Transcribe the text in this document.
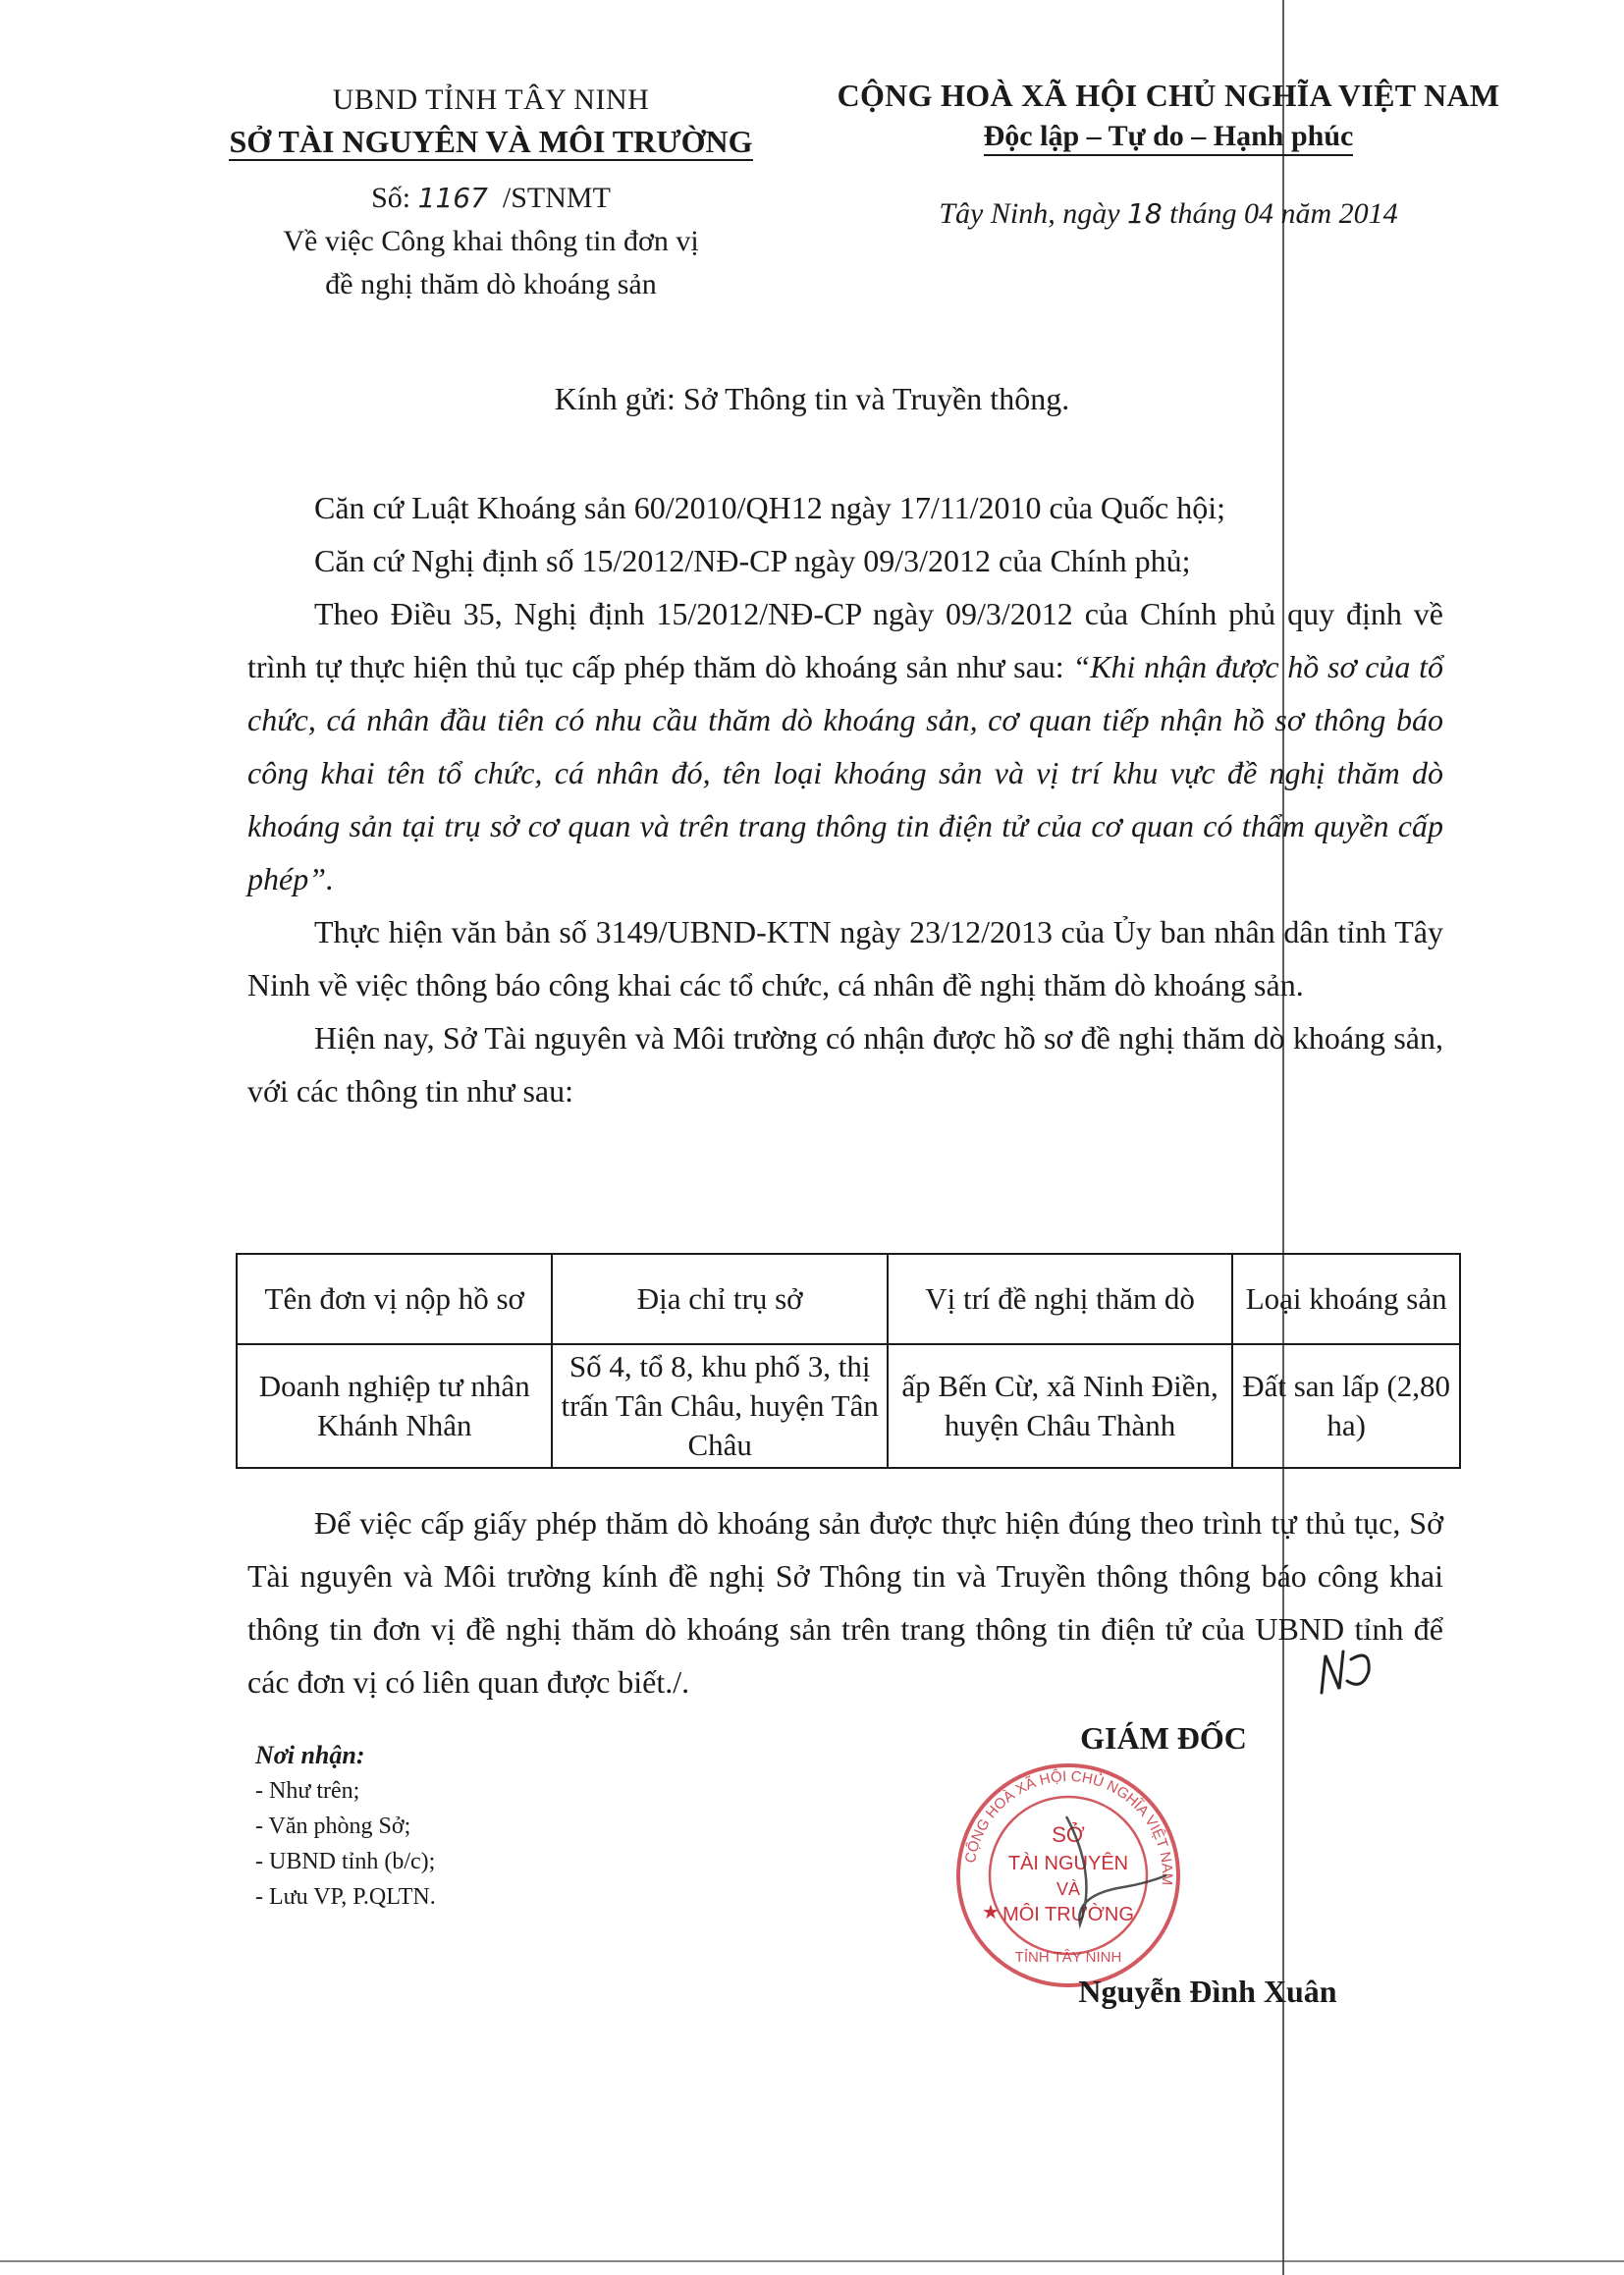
UBND TỈNH TÂY NINH
SỞ TÀI NGUYÊN VÀ MÔI TRƯỜNG
Số: 1167 /STNMT
Về việc Công khai thông tin đơn vị
đề nghị thăm dò khoáng sản
CỘNG HOÀ XÃ HỘI CHỦ NGHĨA VIỆT NAM
Độc lập – Tự do – Hạnh phúc
Tây Ninh, ngày 18 tháng 04 năm 2014
Kính gửi: Sở Thông tin và Truyền thông.

Căn cứ Luật Khoáng sản 60/2010/QH12 ngày 17/11/2010 của Quốc hội;

Căn cứ Nghị định số 15/2012/NĐ-CP ngày 09/3/2012 của Chính phủ;

Theo Điều 35, Nghị định 15/2012/NĐ-CP ngày 09/3/2012 của Chính phủ quy định về trình tự thực hiện thủ tục cấp phép thăm dò khoáng sản như sau: “Khi nhận được hồ sơ của tổ chức, cá nhân đầu tiên có nhu cầu thăm dò khoáng sản, cơ quan tiếp nhận hồ sơ thông báo công khai tên tổ chức, cá nhân đó, tên loại khoáng sản và vị trí khu vực đề nghị thăm dò khoáng sản tại trụ sở cơ quan và trên trang thông tin điện tử của cơ quan có thẩm quyền cấp phép”.

Thực hiện văn bản số 3149/UBND-KTN ngày 23/12/2013 của Ủy ban nhân dân tỉnh Tây Ninh về việc thông báo công khai các tổ chức, cá nhân đề nghị thăm dò khoáng sản.

Hiện nay, Sở Tài nguyên và Môi trường có nhận được hồ sơ đề nghị thăm dò khoáng sản, với các thông tin như sau:

Tên đơn vị nộp hồ sơ	Địa chỉ trụ sở	Vị trí đề nghị thăm dò	Loại khoáng sản
Doanh nghiệp tư nhân Khánh Nhân	Số 4, tổ 8, khu phố 3, thị trấn Tân Châu, huyện Tân Châu	ấp Bến Cừ, xã Ninh Điền, huyện Châu Thành	Đất san lấp (2,80 ha)

Để việc cấp giấy phép thăm dò khoáng sản được thực hiện đúng theo trình tự thủ tục, Sở Tài nguyên và Môi trường kính đề nghị Sở Thông tin và Truyền thông thông báo công khai thông tin đơn vị đề nghị thăm dò khoáng sản trên trang thông tin điện tử của UBND tỉnh để các đơn vị có liên quan được biết./.

Nơi nhận:
- Như trên;
- Văn phòng Sở;
- UBND tỉnh (b/c);
- Lưu VP, P.QLTN.
GIÁM ĐỐC
CỘNG HOÀ XÃ HỘI CHỦ NGHĨA VIỆT NAM
SỞ
TÀI NGUYÊN
VÀ
MÔI TRƯỜNG
TỈNH TÂY NINH
★
Nguyễn Đình Xuân
